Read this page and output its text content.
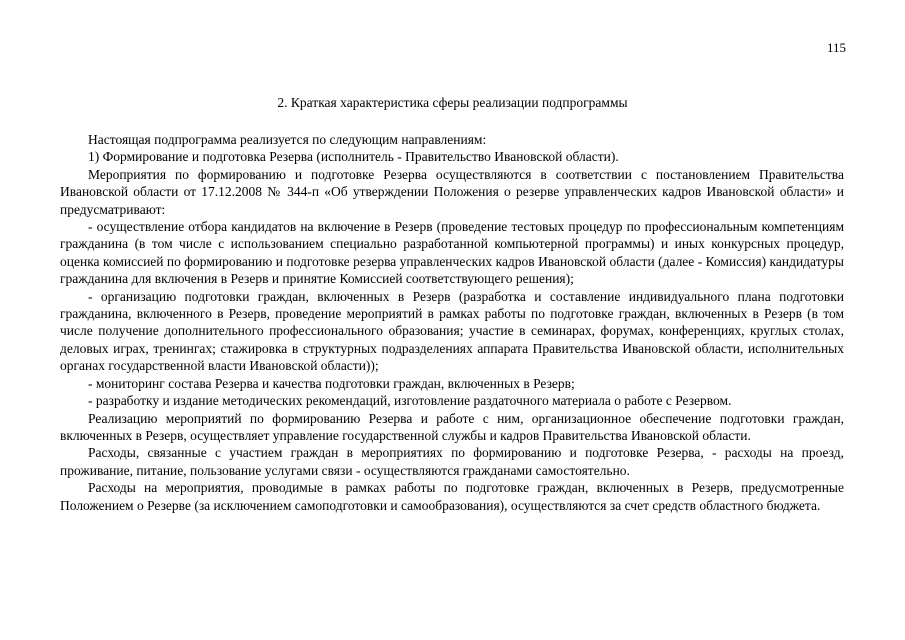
115
2. Краткая характеристика сферы реализации подпрограммы

Настоящая подпрограмма реализуется по следующим направлениям:

1) Формирование и подготовка Резерва (исполнитель - Правительство Ивановской области).

Мероприятия по формированию и подготовке Резерва осуществляются в соответствии с постановлением Правительства Ивановской области от 17.12.2008 № 344-п «Об утверждении Положения о резерве управленческих кадров Ивановской области» и предусматривают:

- осуществление отбора кандидатов на включение в Резерв (проведение тестовых процедур по профессиональным компетенциям гражданина (в том числе с использованием специально разработанной компьютерной программы) и иных конкурсных процедур, оценка комиссией по формированию и подготовке резерва управленческих кадров Ивановской области (далее - Комиссия) кандидатуры гражданина для включения в Резерв и принятие Комиссией соответствующего решения);

- организацию подготовки граждан, включенных в Резерв (разработка и составление индивидуального плана подготовки гражданина, включенного в Резерв, проведение мероприятий в рамках работы по подготовке граждан, включенных в Резерв (в том числе получение дополнительного профессионального образования; участие в семинарах, форумах, конференциях, круглых столах, деловых играх, тренингах; стажировка в структурных подразделениях аппарата Правительства Ивановской области, исполнительных органах государственной власти Ивановской области));

- мониторинг состава Резерва и качества подготовки граждан, включенных в Резерв;

- разработку и издание методических рекомендаций, изготовление раздаточного материала о работе с Резервом.

Реализацию мероприятий по формированию Резерва и работе с ним, организационное обеспечение подготовки граждан, включенных в Резерв, осуществляет управление государственной службы и кадров Правительства Ивановской области.

Расходы, связанные с участием граждан в мероприятиях по формированию и подготовке Резерва, - расходы на проезд, проживание, питание, пользование услугами связи - осуществляются гражданами самостоятельно.

Расходы на мероприятия, проводимые в рамках работы по подготовке граждан, включенных в Резерв, предусмотренные Положением о Резерве (за исключением самоподготовки и самообразования), осуществляются за счет средств областного бюджета.
